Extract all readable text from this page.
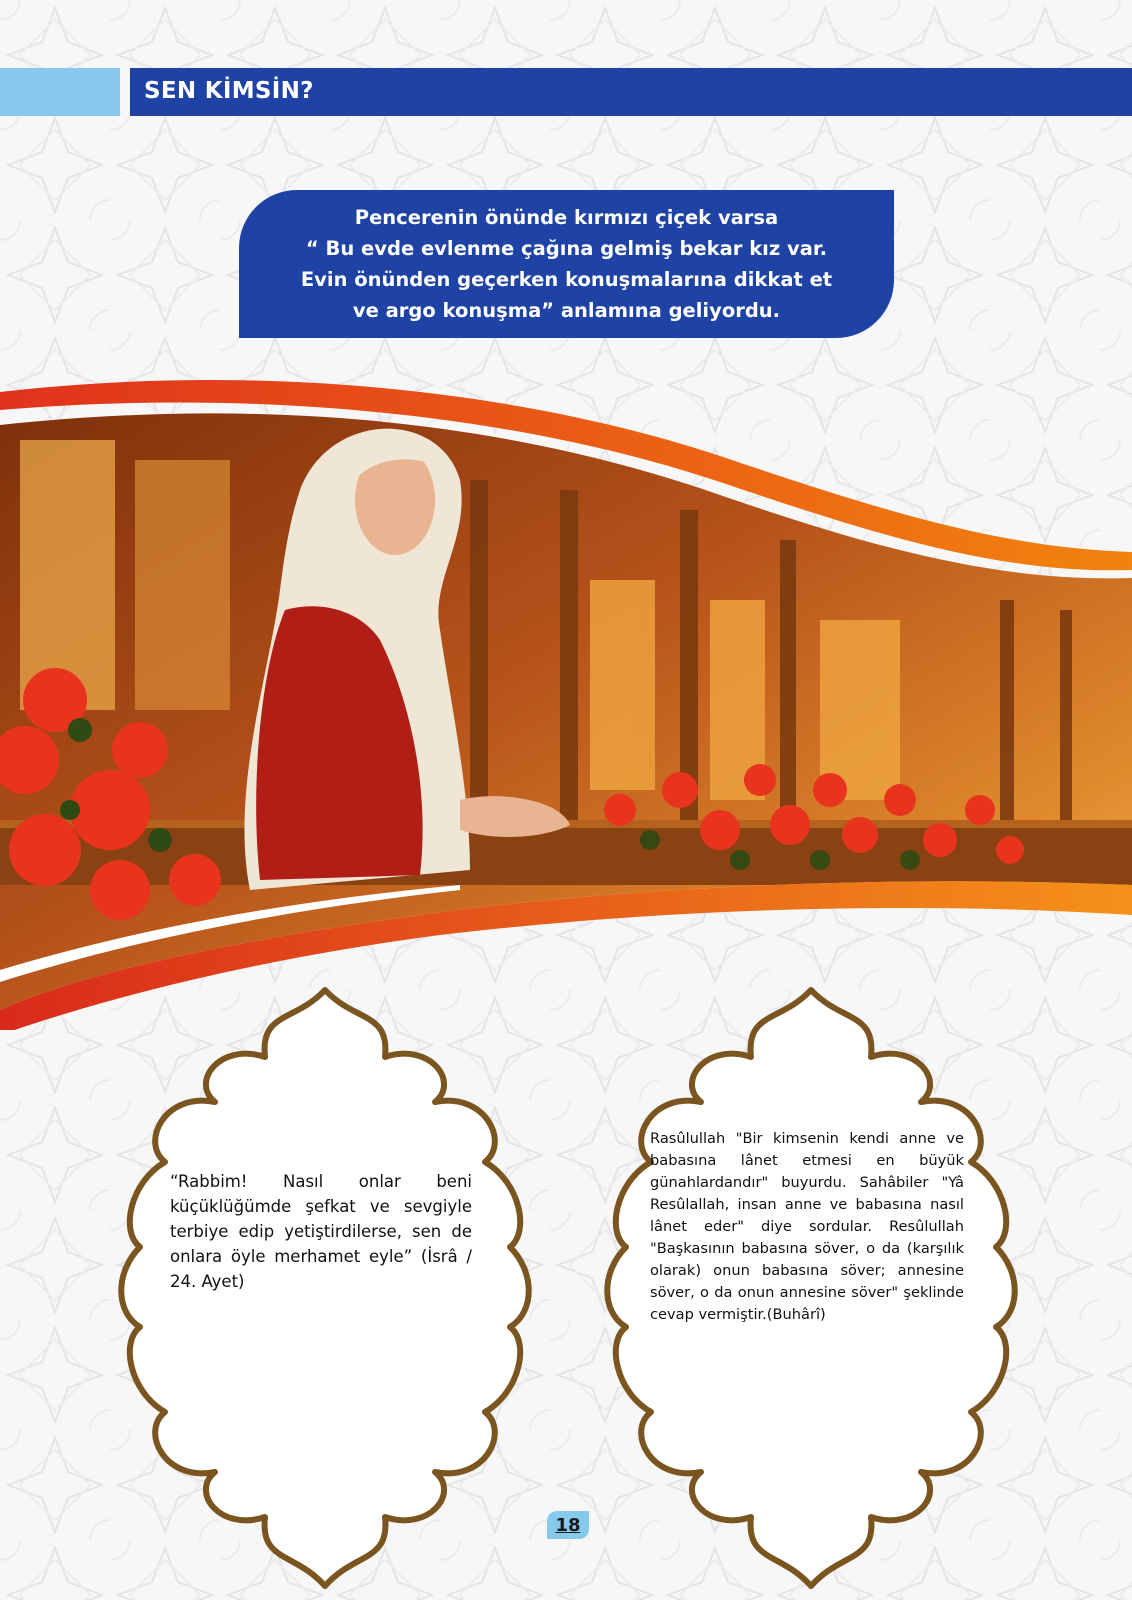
SEN KİMSİN?
Pencerenin önünde kırmızı çiçek varsa
“ Bu evde evlenme çağına gelmiş bekar kız var.
Evin önünden geçerken konuşmalarına dikkat et
ve argo konuşma” anlamına geliyordu.
“Rabbim! Nasıl onlar beni küçüklüğümde şefkat ve sevgiyle terbiye edip yetiştirdilerse, sen de onlara öyle merhamet eyle” (İsrâ / 24. Ayet)
Rasûlullah "Bir kimsenin kendi anne ve babasına lânet etmesi en büyük günahlardandır" buyurdu. Sahâbiler "Yâ Resûlallah, insan anne ve babasına nasıl lânet eder" diye sordular. Resûlullah "Başkasının babasına söver, o da (karşılık olarak) onun babasına söver; annesine söver, o da onun annesine söver" şeklinde cevap vermiştir.(Buhârî)
18
